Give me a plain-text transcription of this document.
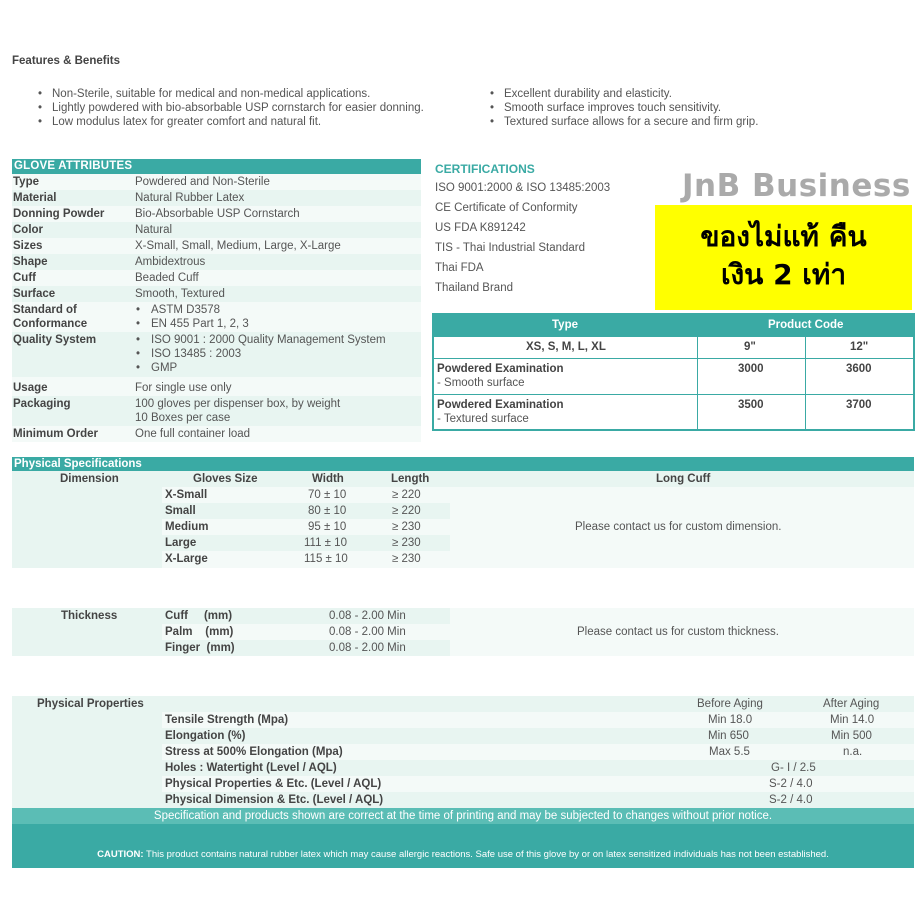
Features & Benefits
• Non-Sterile, suitable for medical and non-medical applications.
• Lightly powdered with bio-absorbable USP cornstarch for easier donning.
• Low modulus latex for greater comfort and natural fit.
• Excellent durability and elasticity.
• Smooth surface improves touch sensitivity.
• Textured surface allows for a secure and firm grip.
GLOVE ATTRIBUTES
Type	Powdered and Non-Sterile
Material	Natural Rubber Latex
Donning Powder	Bio-Absorbable USP Cornstarch
Color	Natural
Sizes	X-Small, Small, Medium, Large, X-Large
Shape	Ambidextrous
Cuff	Beaded Cuff
Surface	Smooth, Textured
Standard of
Conformance
• ASTM D3578
• EN 455 Part 1, 2, 3
Quality System
•	ISO 9001 : 2000 Quality Management System
• ISO 13485 : 2003
• GMP
Usage	For single use only
Packaging	100 gloves per dispenser box, by weight
10 Boxes per case
Minimum Order	One full container load
CERTIFICATIONS
ISO 9001:2000 & ISO 13485:2003
CE Certificate of Conformity
US FDA K891242
TIS - Thai Industrial Standard
Thai FDA
Thailand Brand
JnB Business
ของไม่แท้ คืน
เงิน 2 เท่า
Type	Product Code
XS, S, M, L, XL	9"	12"
Powdered Examination
- Smooth surface
3000	3600
Powdered Examination
- Textured surface
3500	3700
Physical Specifications
Dimension	Gloves Size	Width	Length	Long Cuff
X-Small	70 ± 10	≥ 220
Small	80 ± 10	≥ 220
Medium	95 ± 10	≥ 230
Large	111 ± 10	≥ 230
X-Large	115 ± 10	≥ 230
Please contact us for custom dimension.
Thickness	Cuff     (mm)	0.08 - 2.00 Min
Palm    (mm)	0.08 - 2.00 Min
Finger  (mm)	0.08 - 2.00 Min
Please contact us for custom thickness.
Physical Properties	Before Aging	After Aging
Tensile Strength (Mpa)	Min 18.0	Min 14.0
Elongation (%)	Min 650	Min 500
Stress at 500% Elongation (Mpa)	Max 5.5	n.a.
Holes : Watertight (Level / AQL)	G- I / 2.5
Physical Properties & Etc. (Level / AQL)	S-2 / 4.0
Physical Dimension & Etc. (Level / AQL)	S-2 / 4.0
Specification and products shown are correct at the time of printing and may be subjected to changes without prior notice.
CAUTION: This product contains natural rubber latex which may cause allergic reactions. Safe use of this glove by or on latex sensitized individuals has not been established.
